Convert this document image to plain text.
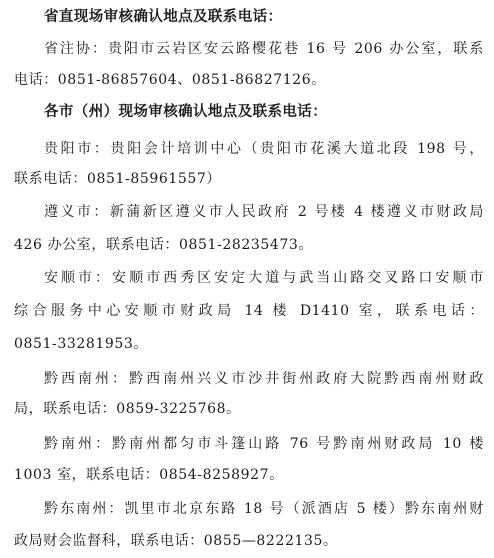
省直现场审核确认地点及联系电话：
省注协：贵阳市云岩区安云路樱花巷 16 号 206 办公室，联系
电话：0851-86857604、0851-86827126。
各市（州）现场审核确认地点及联系电话：
贵阳市：贵阳会计培训中心（贵阳市花溪大道北段 198 号，
联系电话：0851-85961557）
遵义市：新蒲新区遵义市人民政府 2 号楼 4 楼遵义市财政局
426 办公室，联系电话：0851-28235473。
安顺市：安顺市西秀区安定大道与武当山路交叉路口安顺市
综合服务中心安顺市财政局 14 楼 D1410 室，联系电话：
0851-33281953。
黔西南州：黔西南州兴义市沙井街州政府大院黔西南州财政
局，联系电话：0859-3225768。
黔南州：黔南州都匀市斗篷山路 76 号黔南州财政局 10 楼
1003 室，联系电话：0854-8258927。
黔东南州：凯里市北京东路 18 号（派酒店 5 楼）黔东南州财
政局财会监督科，联系电话：0855—8222135。
